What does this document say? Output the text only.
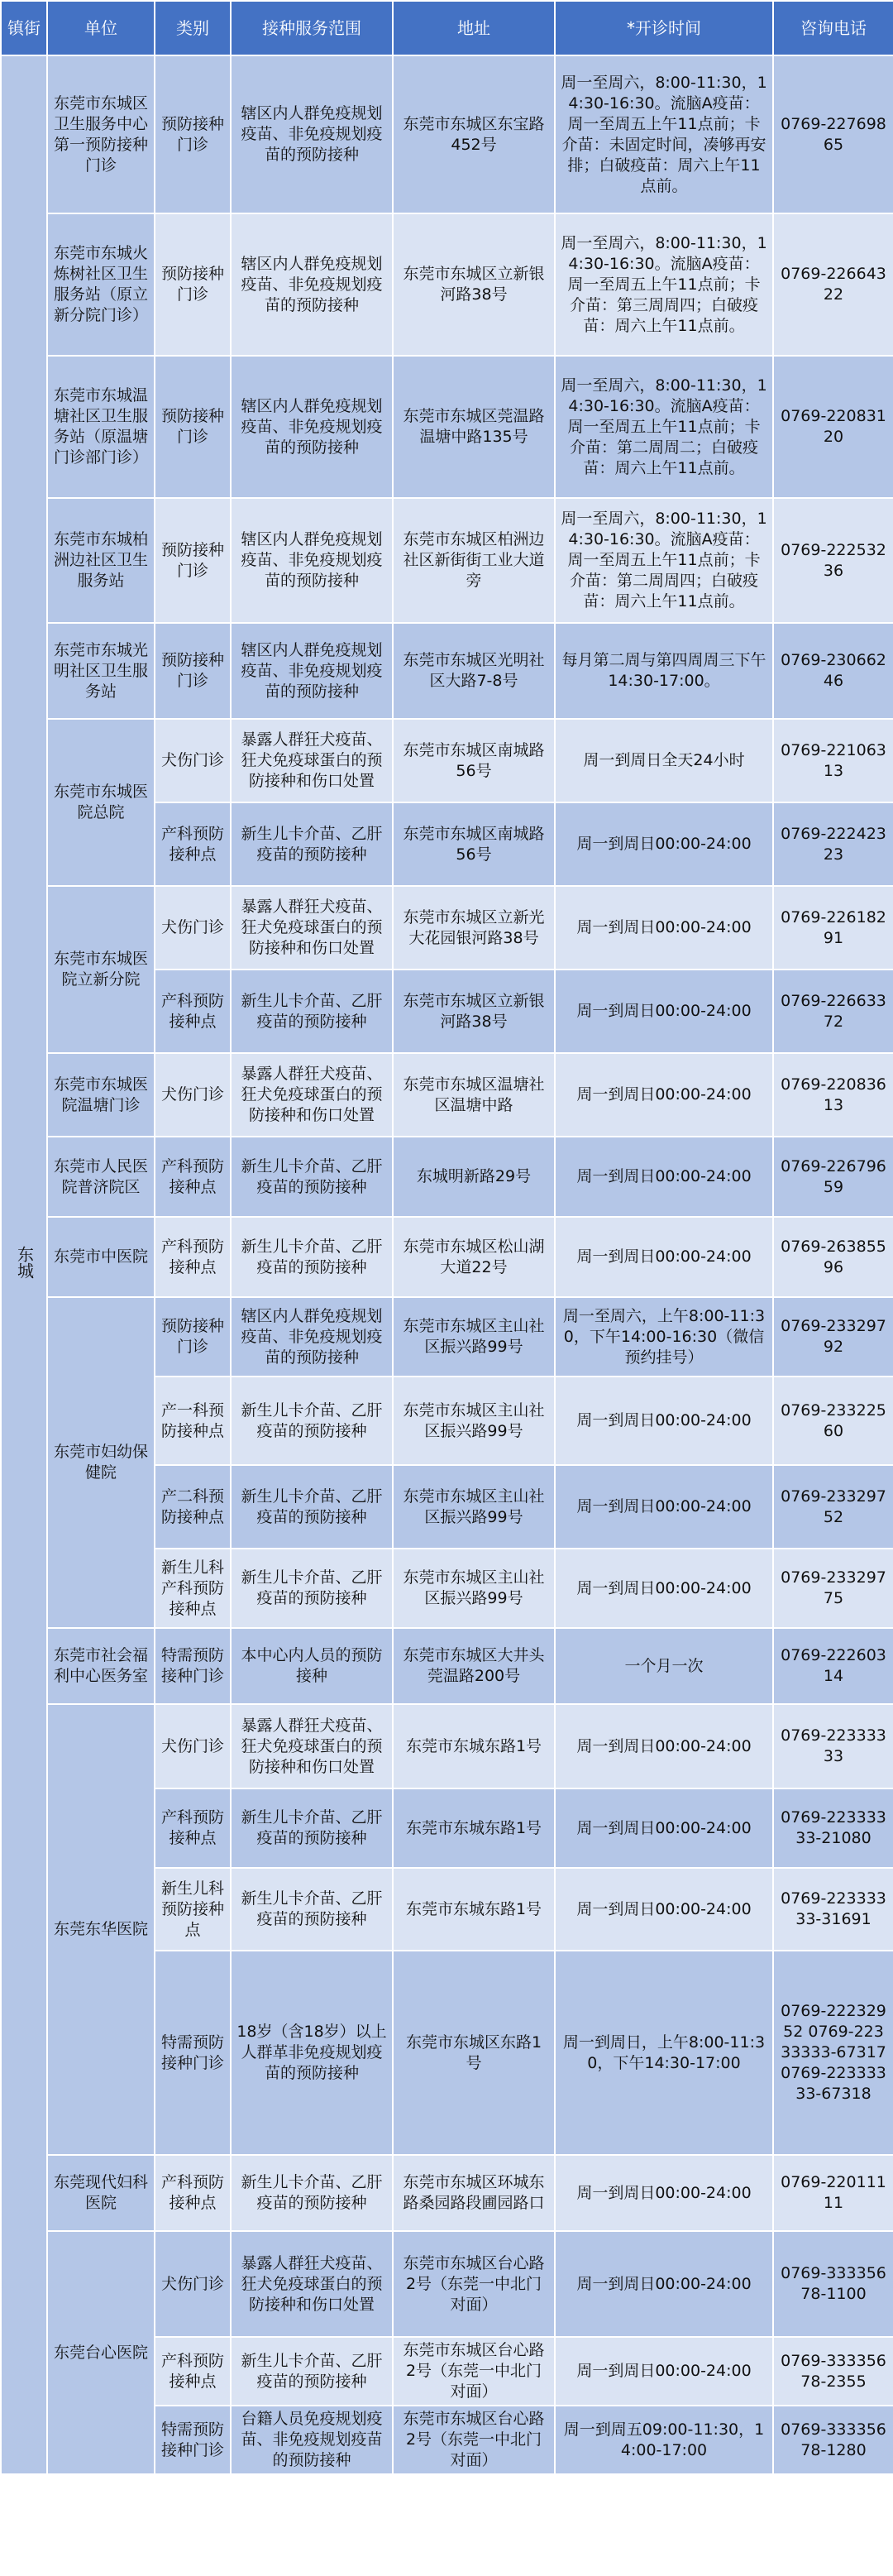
镇街	单位	类别	接种服务范围	地址	*开诊时间	咨询电话
东城	东莞市东城区卫生服务中心第一预防接种门诊	预防接种门诊	辖区内人群免疫规划疫苗、非免疫规划疫苗的预防接种	东莞市东城区东宝路452号	周一至周六，8:00-11:30，14:30-16:30。流脑A疫苗：周一至周五上午11点前；卡介苗：未固定时间，凑够再安排；白破疫苗：周六上午11点前。	0769-22769865
	东莞市东城火炼树社区卫生服务站（原立新分院门诊）	预防接种门诊	辖区内人群免疫规划疫苗、非免疫规划疫苗的预防接种	东莞市东城区立新银河路38号	周一至周六，8:00-11:30，14:30-16:30。流脑A疫苗：周一至周五上午11点前；卡介苗：第三周周四；白破疫苗：周六上午11点前。	0769-22664322
	东莞市东城温塘社区卫生服务站（原温塘门诊部门诊）	预防接种门诊	辖区内人群免疫规划疫苗、非免疫规划疫苗的预防接种	东莞市东城区莞温路温塘中路135号	周一至周六，8:00-11:30，14:30-16:30。流脑A疫苗：周一至周五上午11点前；卡介苗：第二周周二；白破疫苗：周六上午11点前。	0769-22083120
	东莞市东城柏洲边社区卫生服务站	预防接种门诊	辖区内人群免疫规划疫苗、非免疫规划疫苗的预防接种	东莞市东城区柏洲边社区新街街工业大道旁	周一至周六，8:00-11:30，14:30-16:30。流脑A疫苗：周一至周五上午11点前；卡介苗：第二周周四；白破疫苗：周六上午11点前。	0769-22253236
	东莞市东城光明社区卫生服务站	预防接种门诊	辖区内人群免疫规划疫苗、非免疫规划疫苗的预防接种	东莞市东城区光明社区大路7-8号	每月第二周与第四周周三下午14:30-17:00。	0769-23066246
	东莞市东城医院总院	犬伤门诊	暴露人群狂犬疫苗、狂犬免疫球蛋白的预防接种和伤口处置	东莞市东城区南城路56号	周一到周日全天24小时	0769-22106313
		产科预防接种点	新生儿卡介苗、乙肝疫苗的预防接种	东莞市东城区南城路56号	周一到周日00:00-24:00	0769-22242323
	东莞市东城医院立新分院	犬伤门诊	暴露人群狂犬疫苗、狂犬免疫球蛋白的预防接种和伤口处置	东莞市东城区立新光大花园银河路38号	周一到周日00:00-24:00	0769-22618291
		产科预防接种点	新生儿卡介苗、乙肝疫苗的预防接种	东莞市东城区立新银河路38号	周一到周日00:00-24:00	0769-22663372
	东莞市东城医院温塘门诊	犬伤门诊	暴露人群狂犬疫苗、狂犬免疫球蛋白的预防接种和伤口处置	东莞市东城区温塘社区温塘中路	周一到周日00:00-24:00	0769-22083613
	东莞市人民医院普济院区	产科预防接种点	新生儿卡介苗、乙肝疫苗的预防接种	东城明新路29号	周一到周日00:00-24:00	0769-22679659
	东莞市中医院	产科预防接种点	新生儿卡介苗、乙肝疫苗的预防接种	东莞市东城区松山湖大道22号	周一到周日00:00-24:00	0769-26385596
	东莞市妇幼保健院	预防接种门诊	辖区内人群免疫规划疫苗、非免疫规划疫苗的预防接种	东莞市东城区主山社区振兴路99号	周一至周六，上午8:00-11:30，下午14:00-16:30（微信预约挂号）	0769-23329792
		产一科预防接种点	新生儿卡介苗、乙肝疫苗的预防接种	东莞市东城区主山社区振兴路99号	周一到周日00:00-24:00	0769-23322560
		产二科预防接种点	新生儿卡介苗、乙肝疫苗的预防接种	东莞市东城区主山社区振兴路99号	周一到周日00:00-24:00	0769-23329752
		新生儿科产科预防接种点	新生儿卡介苗、乙肝疫苗的预防接种	东莞市东城区主山社区振兴路99号	周一到周日00:00-24:00	0769-23329775
	东莞市社会福利中心医务室	特需预防接种门诊	本中心内人员的预防接种	东莞市东城区大井头莞温路200号	一个月一次	0769-22260314
	东莞东华医院	犬伤门诊	暴露人群狂犬疫苗、狂犬免疫球蛋白的预防接种和伤口处置	东莞市东城东路1号	周一到周日00:00-24:00	0769-22333333
		产科预防接种点	新生儿卡介苗、乙肝疫苗的预防接种	东莞市东城东路1号	周一到周日00:00-24:00	0769-22333333-21080
		新生儿科预防接种点	新生儿卡介苗、乙肝疫苗的预防接种	东莞市东城东路1号	周一到周日00:00-24:00	0769-22333333-31691
		特需预防接种门诊	18岁（含18岁）以上人群革非免疫规划疫苗的预防接种	东莞市东城区东路1号	周一到周日，上午8:00-11:30，下午14:30-17:00	0769-22232952 0769-22333333-67317 0769-22333333-67318
	东莞现代妇科医院	产科预防接种点	新生儿卡介苗、乙肝疫苗的预防接种	东莞市东城区环城东路桑园路段圃园路口	周一到周日00:00-24:00	0769-22011111
	东莞台心医院	犬伤门诊	暴露人群狂犬疫苗、狂犬免疫球蛋白的预防接种和伤口处置	东莞市东城区台心路2号（东莞一中北门对面）	周一到周日00:00-24:00	0769-33335678-1100
		产科预防接种点	新生儿卡介苗、乙肝疫苗的预防接种	东莞市东城区台心路2号（东莞一中北门对面）	周一到周日00:00-24:00	0769-33335678-2355
		特需预防接种门诊	台籍人员免疫规划疫苗、非免疫规划疫苗的预防接种	东莞市东城区台心路2号（东莞一中北门对面）	周一到周五09:00-11:30，14:00-17:00	0769-33335678-1280
